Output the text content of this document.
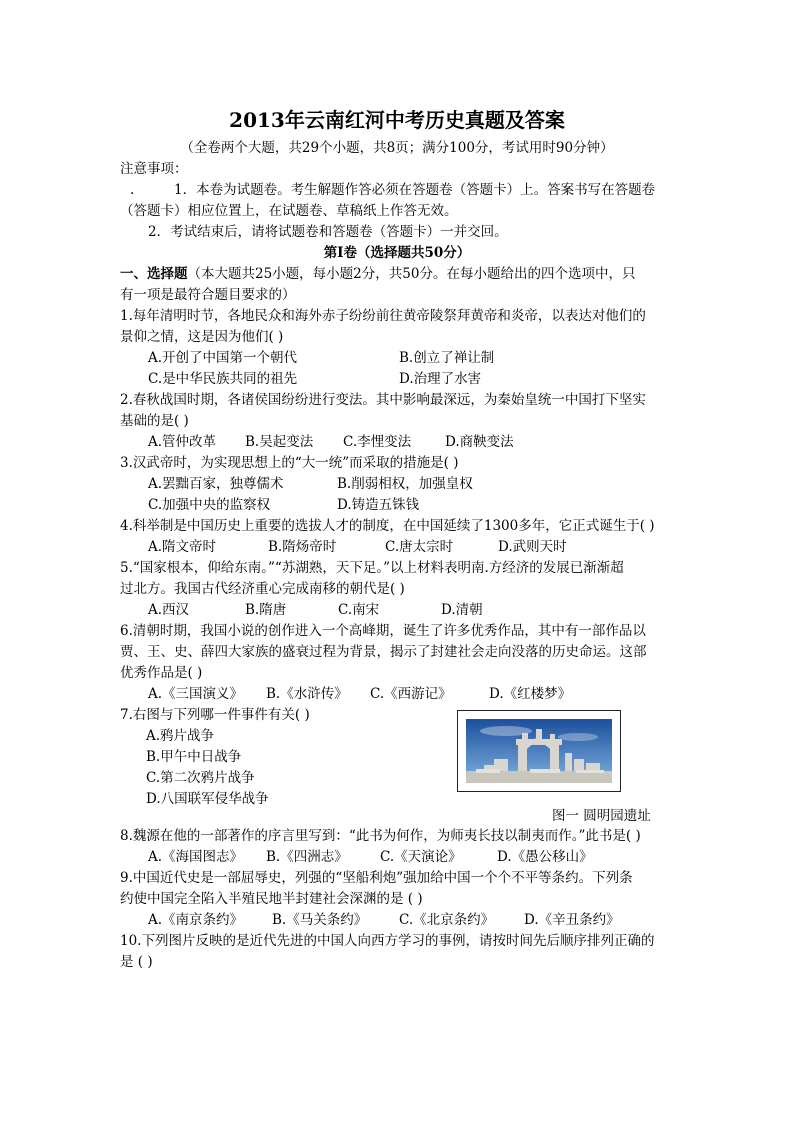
2013年云南红河中考历史真题及答案
（全卷两个大题，共29个小题，共8页；满分100分，考试用时90分钟）
注意事项：
.	1．本卷为试题卷。考生解题作答必须在答题卷（答题卡）上。答案书写在答题卷
（答题卡）相应位置上，在试题卷、草稿纸上作答无效。
2．考试结束后，请将试题卷和答题卷（答题卡）一并交回。
第Ⅰ卷（选择题共50分）
一、选择题（本大题共25小题，每小题2分，共50分。在每小题给出的四个选项中，只
有一项是最符合题目要求的）
1.每年清明时节，各地民众和海外赤子纷纷前往黄帝陵祭拜黄帝和炎帝，以表达对他们的
景仰之情，这是因为他们( )
A.开创了中国第一个朝代	B.创立了禅让制
C.是中华民族共同的祖先	D.治理了水害
2.春秋战国时期，各诸侯国纷纷进行变法。其中影响最深远，为秦始皇统一中国打下坚实
基础的是( )
A.管仲改革 B.吴起变法 C.李悝变法	D.商鞅变法
3.汉武帝时，为实现思想上的“大一统”而采取的措施是( )
A.罢黜百家，独尊儒术	B.削弱相权，加强皇权
C.加强中央的监察权	D.铸造五铢钱
4.科举制是中国历史上重要的选拔人才的制度，在中国延续了1300多年，它正式诞生于( )
A.隋文帝时	B.隋炀帝时	C.唐太宗时	D.武则天时
5.“国家根本，仰给东南。”“苏湖熟，天下足。”以上材料表明南.方经济的发展已渐渐超
过北方。我国古代经济重心完成南移的朝代是( )
A.西汉	B.隋唐	C.南宋	D.清朝
6.清朝时期，我国小说的创作进入一个高峰期，诞生了许多优秀作品，其中有一部作品以
贾、王、史、薛四大家族的盛衰过程为背景，揭示了封建社会走向没落的历史命运。这部
优秀作品是( )
A.《三国演义》 B.《水浒传》 C.《西游记》	D.《红楼梦》
7.右图与下列哪一件事件有关( )
A.鸦片战争
B.甲午中日战争
C.第二次鸦片战争
D.八国联军侵华战争
图一 圆明园遗址
8.魏源在他的一部著作的序言里写到：“此书为何作，为师夷长技以制夷而作。”此书是( )
A.《海国图志》 B.《四洲志》 C.《天演论》	D.《愚公移山》
9.中国近代史是一部屈辱史，列强的“坚船利炮”强加给中国一个个不平等条约。下列条
约使中国完全陷入半殖民地半封建社会深渊的是 ( )
A.《南京条约》 B.《马关条约》 C.《北京条约》 D.《辛丑条约》
10.下列图片反映的是近代先进的中国人向西方学习的事例，请按时间先后顺序排列正确的
是 ( )
